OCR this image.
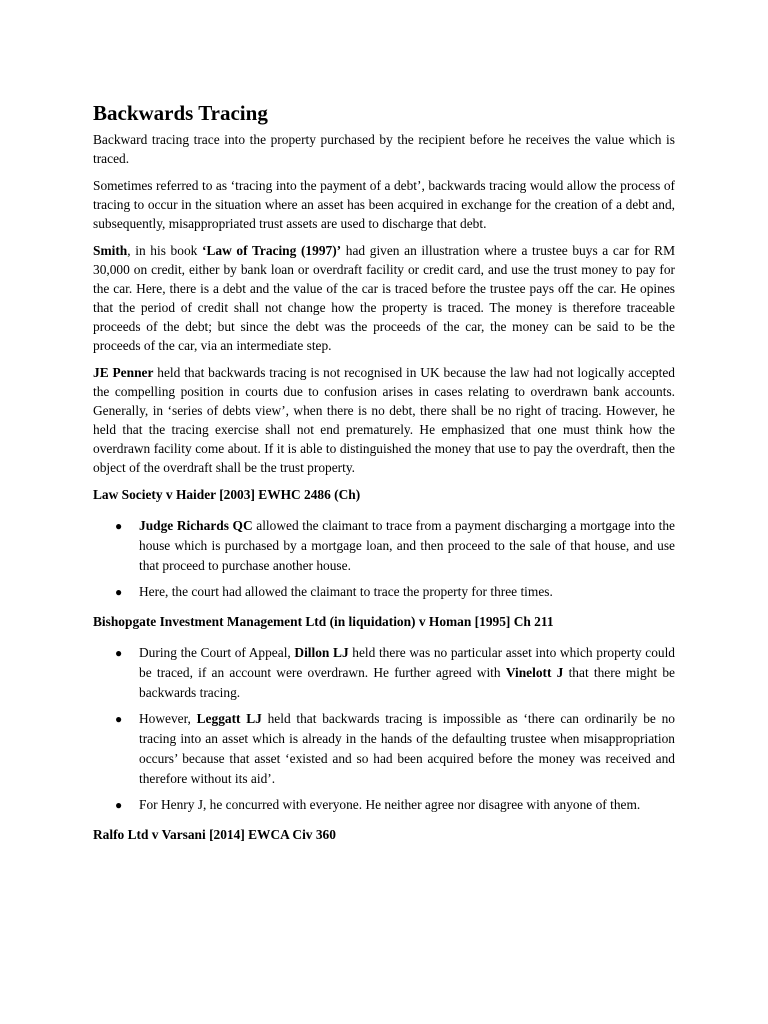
Backwards Tracing

Backward tracing trace into the property purchased by the recipient before he receives the value which is traced.

Sometimes referred to as ‘tracing into the payment of a debt’, backwards tracing would allow the process of tracing to occur in the situation where an asset has been acquired in exchange for the creation of a debt and, subsequently, misappropriated trust assets are used to discharge that debt.

Smith, in his book ‘Law of Tracing (1997)’ had given an illustration where a trustee buys a car for RM 30,000 on credit, either by bank loan or overdraft facility or credit card, and use the trust money to pay for the car. Here, there is a debt and the value of the car is traced before the trustee pays off the car. He opines that the period of credit shall not change how the property is traced. The money is therefore traceable proceeds of the debt; but since the debt was the proceeds of the car, the money can be said to be the proceeds of the car, via an intermediate step.

JE Penner held that backwards tracing is not recognised in UK because the law had not logically accepted the compelling position in courts due to confusion arises in cases relating to overdrawn bank accounts. Generally, in ‘series of debts view’, when there is no debt, there shall be no right of tracing. However, he held that the tracing exercise shall not end prematurely. He emphasized that one must think how the overdrawn facility come about. If it is able to distinguished the money that use to pay the overdraft, then the object of the overdraft shall be the trust property.

Law Society v Haider [2003] EWHC 2486 (Ch)
● Judge Richards QC allowed the claimant to trace from a payment discharging a mortgage into the house which is purchased by a mortgage loan, and then proceed to the sale of that house, and use that proceed to purchase another house.
● Here, the court had allowed the claimant to trace the property for three times.
Bishopgate Investment Management Ltd (in liquidation) v Homan [1995] Ch 211
● During the Court of Appeal, Dillon LJ held there was no particular asset into which property could be traced, if an account were overdrawn. He further agreed with Vinelott J that there might be backwards tracing.
● However, Leggatt LJ held that backwards tracing is impossible as ‘there can ordinarily be no tracing into an asset which is already in the hands of the defaulting trustee when misappropriation occurs’ because that asset ‘existed and so had been acquired before the money was received and therefore without its aid’.
● For Henry J, he concurred with everyone. He neither agree nor disagree with anyone of them.
Ralfo Ltd v Varsani [2014] EWCA Civ 360
